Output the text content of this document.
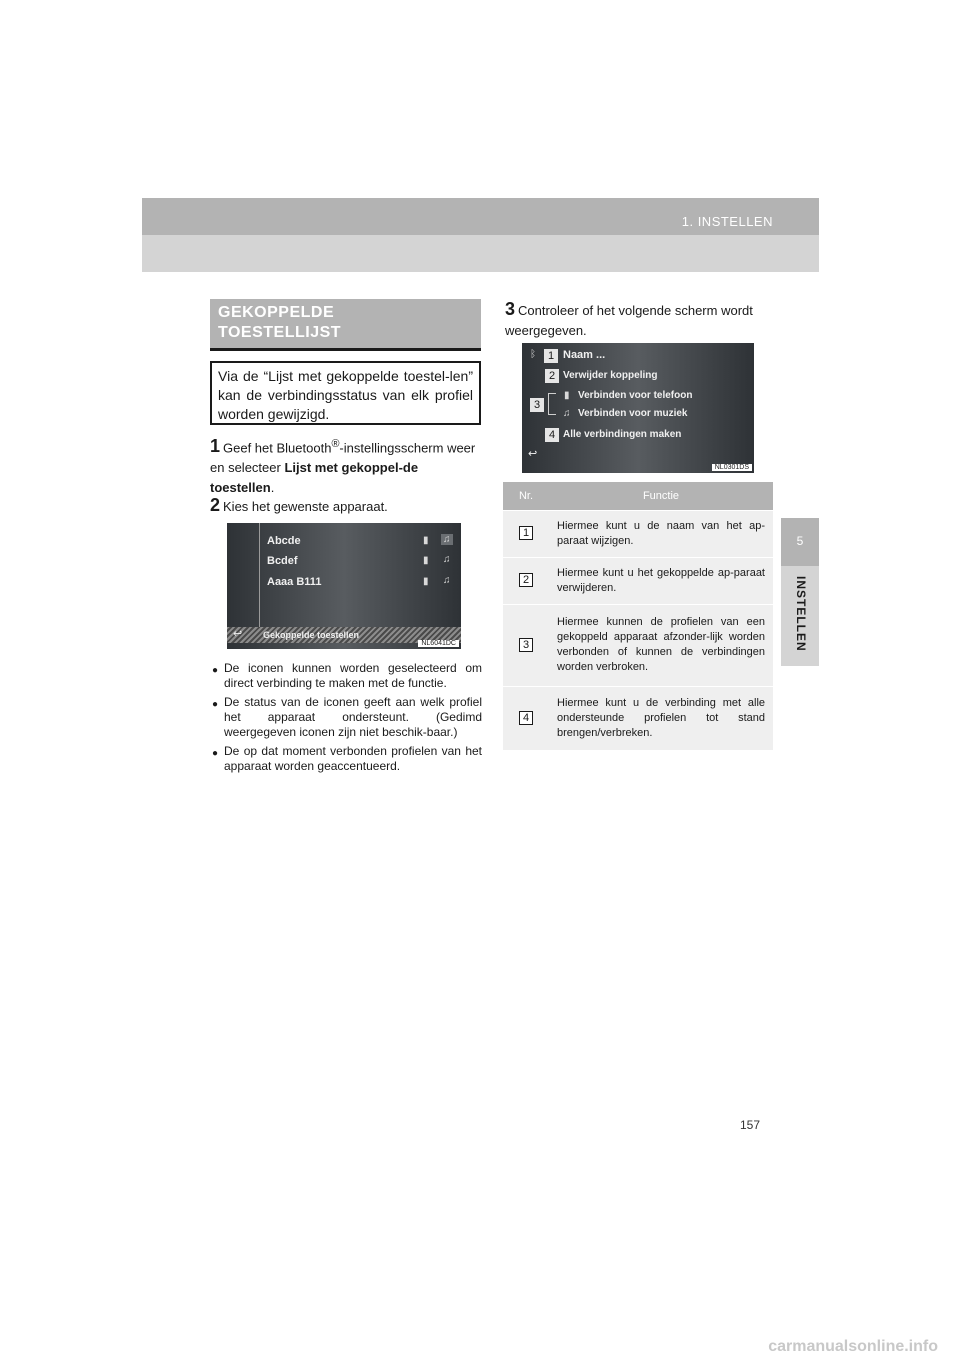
1. INSTELLEN
5
INSTELLEN
GEKOPPELDE
TOESTELLIJST
Via de “Lijst met gekoppelde toestel-len” kan de verbindingsstatus van elk profiel worden gewijzigd.
1 Geef het Bluetooth®-instellingsscherm weer en selecteer Lijst met gekoppel-de toestellen.
2 Kies het gewenste apparaat.
Abcde
Bcdef
Aaaa B111
▮ ♫
▮ ♫
▮ ♫
↩ Gekoppelde toestellen
NL6041DC
● De iconen kunnen worden geselecteerd om direct verbinding te maken met de functie.
● De status van de iconen geeft aan welk profiel het apparaat ondersteunt. (Gedimd weergegeven iconen zijn niet beschik-baar.)
● De op dat moment verbonden profielen van het apparaat worden geaccentueerd.
3 Controleer of het volgende scherm wordt weergegeven.
ᛒ	1 Naam ...
2 Verwijder koppeling
3
▮ Verbinden voor telefoon
♫ Verbinden voor muziek
4 Alle verbindingen maken
↩
NL0301DS
Nr.	Functie
1	Hiermee kunt u de naam van het ap-paraat wijzigen.
2	Hiermee kunt u het gekoppelde ap-paraat verwijderen.
3	Hiermee kunnen de profielen van een gekoppeld apparaat afzonder-lijk worden verbonden of kunnen de verbindingen worden verbroken.
4	Hiermee kunt u de verbinding met alle ondersteunde profielen tot stand brengen/verbreken.
157
carmanualsonline.info
